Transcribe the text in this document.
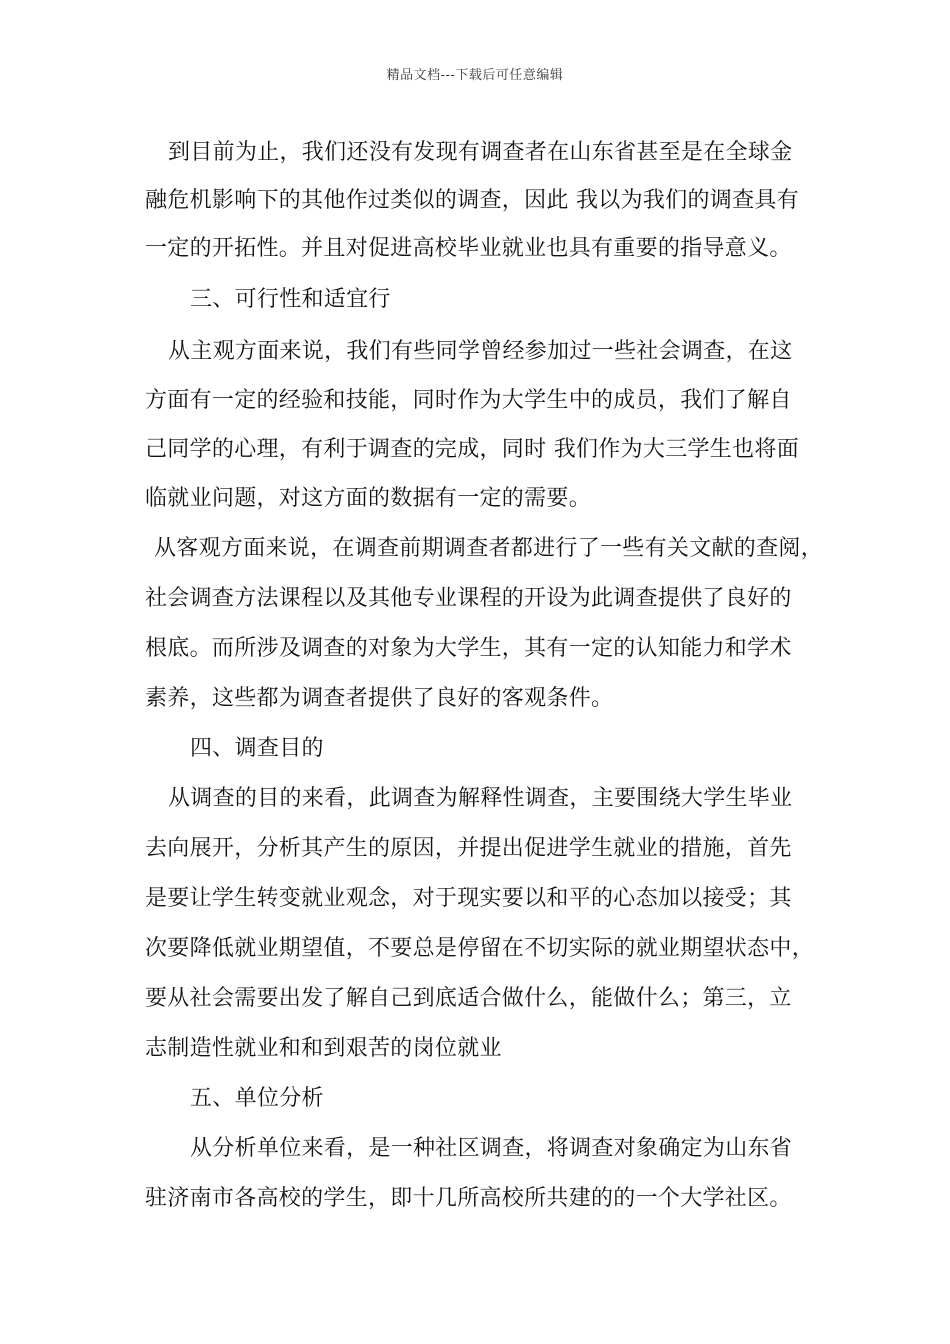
精品文档---下载后可任意编辑
到目前为止，我们还没有发现有调查者在山东省甚至是在全球金
融危机影响下的其他作过类似的调查，因此 我以为我们的调查具有
一定的开拓性。并且对促进高校毕业就业也具有重要的指导意义。
三、可行性和适宜行
从主观方面来说，我们有些同学曾经参加过一些社会调查，在这
方面有一定的经验和技能，同时作为大学生中的成员，我们了解自
己同学的心理，有利于调查的完成，同时 我们作为大三学生也将面
临就业问题，对这方面的数据有一定的需要。
从客观方面来说，在调查前期调查者都进行了一些有关文献的查阅，
社会调查方法课程以及其他专业课程的开设为此调查提供了良好的
根底。而所涉及调查的对象为大学生，其有一定的认知能力和学术
素养，这些都为调查者提供了良好的客观条件。
四、调查目的
从调查的目的来看，此调查为解释性调查，主要围绕大学生毕业
去向展开，分析其产生的原因，并提出促进学生就业的措施，首先
是要让学生转变就业观念，对于现实要以和平的心态加以接受；其
次要降低就业期望值，不要总是停留在不切实际的就业期望状态中，
要从社会需要出发了解自己到底适合做什么，能做什么；第三，立
志制造性就业和和到艰苦的岗位就业
五、单位分析
从分析单位来看，是一种社区调查，将调查对象确定为山东省
驻济南市各高校的学生，即十几所高校所共建的的一个大学社区。
